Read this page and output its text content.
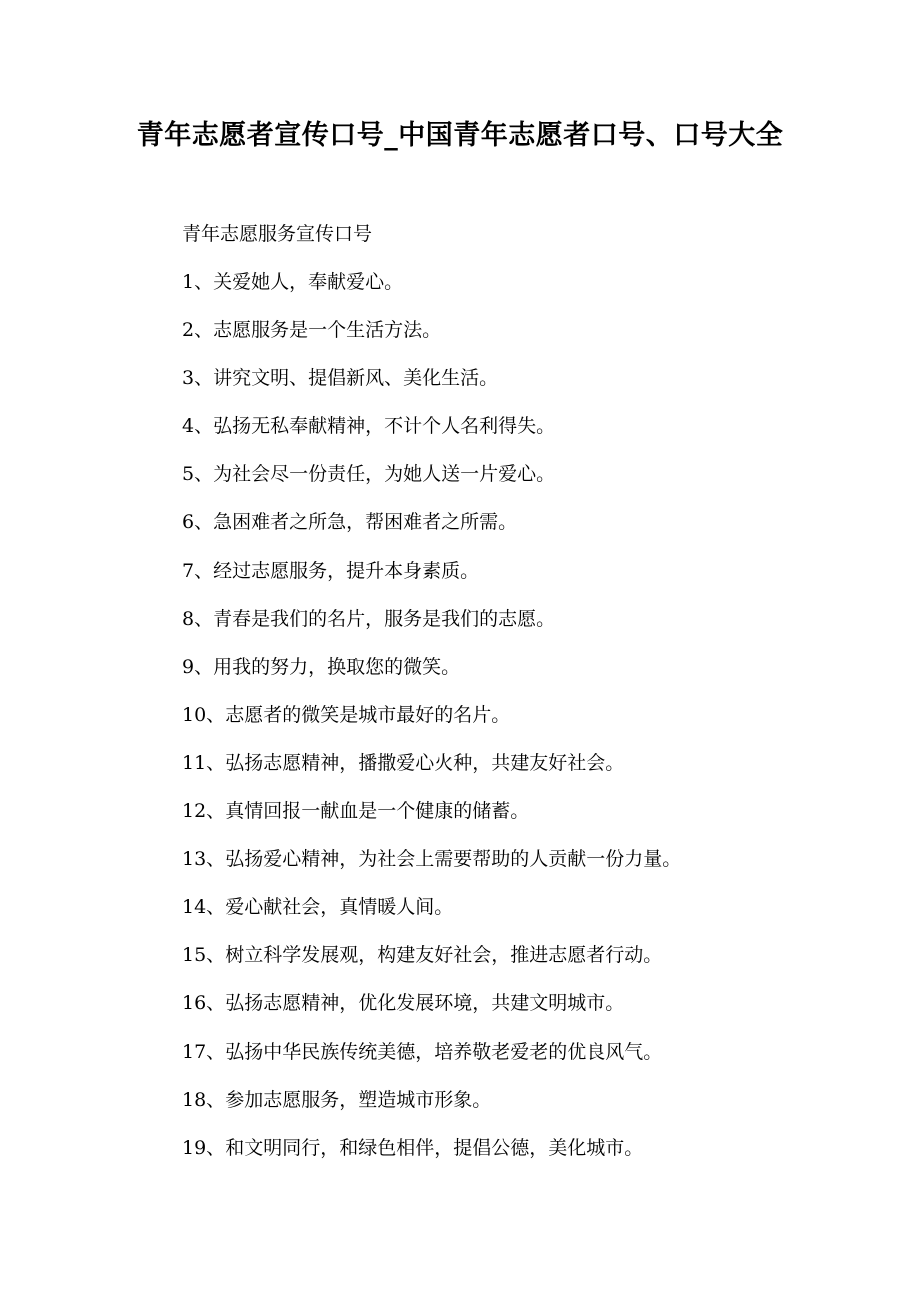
青年志愿者宣传口号_中国青年志愿者口号、口号大全
青年志愿服务宣传口号
1、关爱她人，奉献爱心。
2、志愿服务是一个生活方法。
3、讲究文明、提倡新风、美化生活。
4、弘扬无私奉献精神，不计个人名利得失。
5、为社会尽一份责任，为她人送一片爱心。
6、急困难者之所急，帮困难者之所需。
7、经过志愿服务，提升本身素质。
8、青春是我们的名片，服务是我们的志愿。
9、用我的努力，换取您的微笑。
10、志愿者的微笑是城市最好的名片。
11、弘扬志愿精神，播撒爱心火种，共建友好社会。
12、真情回报一献血是一个健康的储蓄。
13、弘扬爱心精神，为社会上需要帮助的人贡献一份力量。
14、爱心献社会，真情暖人间。
15、树立科学发展观，构建友好社会，推进志愿者行动。
16、弘扬志愿精神，优化发展环境，共建文明城市。
17、弘扬中华民族传统美德，培养敬老爱老的优良风气。
18、参加志愿服务，塑造城市形象。
19、和文明同行，和绿色相伴，提倡公德，美化城市。
